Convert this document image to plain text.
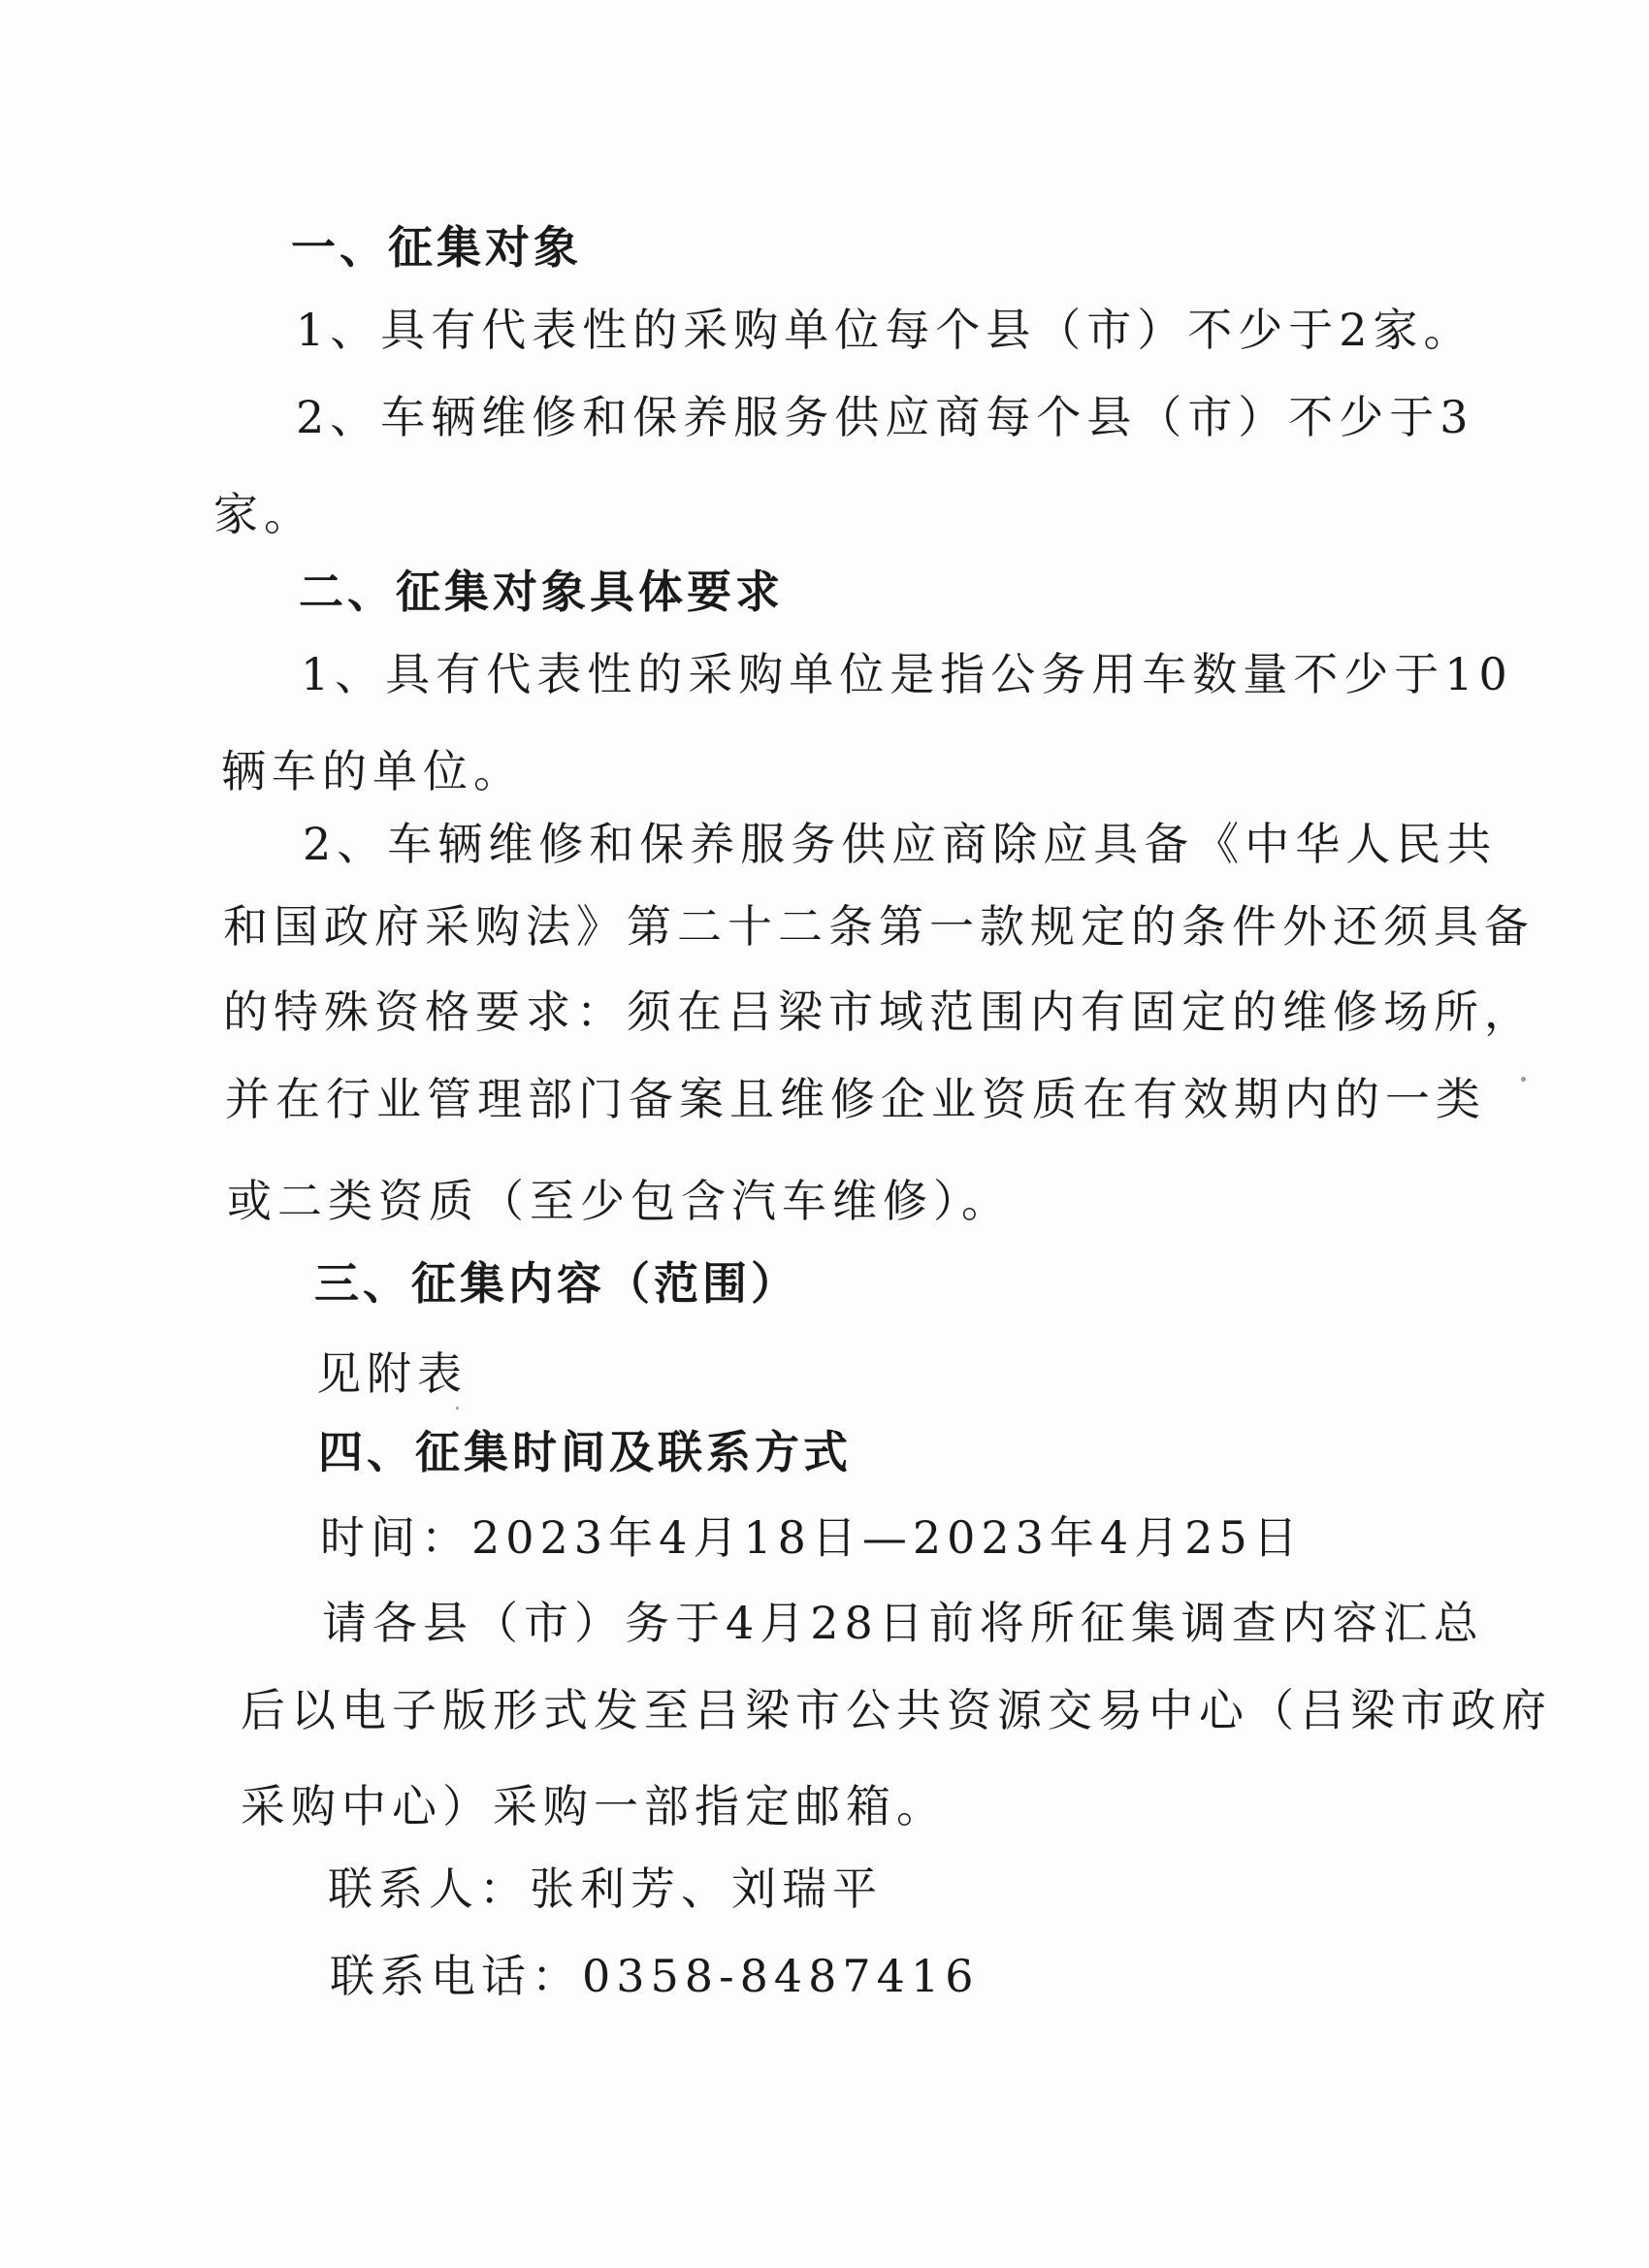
一、征集对象
1、具有代表性的采购单位每个县（市）不少于2家。
2、车辆维修和保养服务供应商每个县（市）不少于3
家。
二、征集对象具体要求
1、具有代表性的采购单位是指公务用车数量不少于10
辆车的单位。
2、车辆维修和保养服务供应商除应具备《中华人民共
和国政府采购法》第二十二条第一款规定的条件外还须具备
的特殊资格要求：须在吕梁市域范围内有固定的维修场所，
并在行业管理部门备案且维修企业资质在有效期内的一类
或二类资质（至少包含汽车维修）。
三、征集内容（范围）
见附表
四、征集时间及联系方式
时间：2023年4月18日—2023年4月25日
请各县（市）务于4月28日前将所征集调查内容汇总
后以电子版形式发至吕梁市公共资源交易中心（吕梁市政府
采购中心）采购一部指定邮箱。
联系人：张利芳、刘瑞平
联系电话：0358-8487416
